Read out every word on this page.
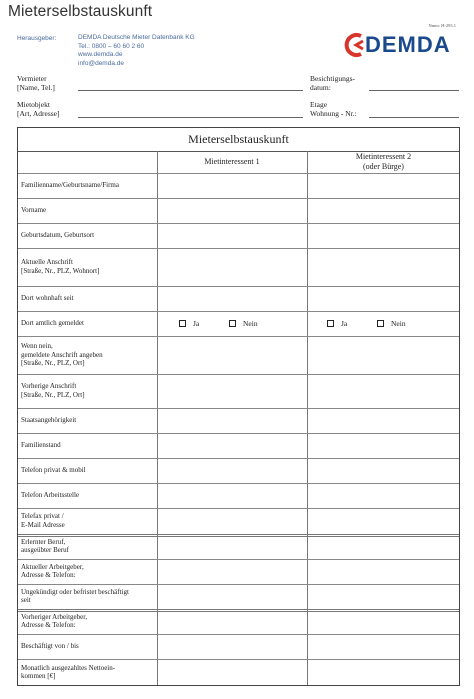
Mieterselbstauskunft
Herausgeber:	DEMDA Deutsche Mieter Datenbank KG
Tel.: 0800 – 60 60 2 60
www.demda.de
info@demda.de
Nmm: H-293.1
DEMDA
Vermieter
[Name, Tel.]
Besichtigungs-
datum:
Mietobjekt
[Art, Adresse]
Etage
Wohnung - Nr.:
Mieterselbstauskunft
Mietinteressent 1
Mietinteressent 2
(oder Bürge)
Familienname/Geburtsname/Firma
Vorname
Geburtsdatum, Geburtsort
Aktuelle Anschrift
[Straße, Nr., PLZ, Wohnort]
Dort wohnhaft seit
Dort amtlich gemeldet	Ja	Nein	Ja	Nein
Wenn nein,
gemeldete Anschrift angeben
[Straße, Nr., PLZ, Ort]
Vorherige Anschrift
[Straße, Nr., PLZ, Ort]
Staatsangehörigkeit
Familienstand
Telefon privat & mobil
Telefon Arbeitsstelle
Telefax privat /
E-Mail Adresse
Erlernter Beruf,
ausgeübter Beruf
Aktueller Arbeitgeber,
Adresse & Telefon:
Ungekündigt oder befristet beschäftigt
seit
Vorheriger Arbeitgeber,
Adresse & Telefon:
Beschäftigt von / bis
Monatlich ausgezahltes Nettoein-
kommen [€]
